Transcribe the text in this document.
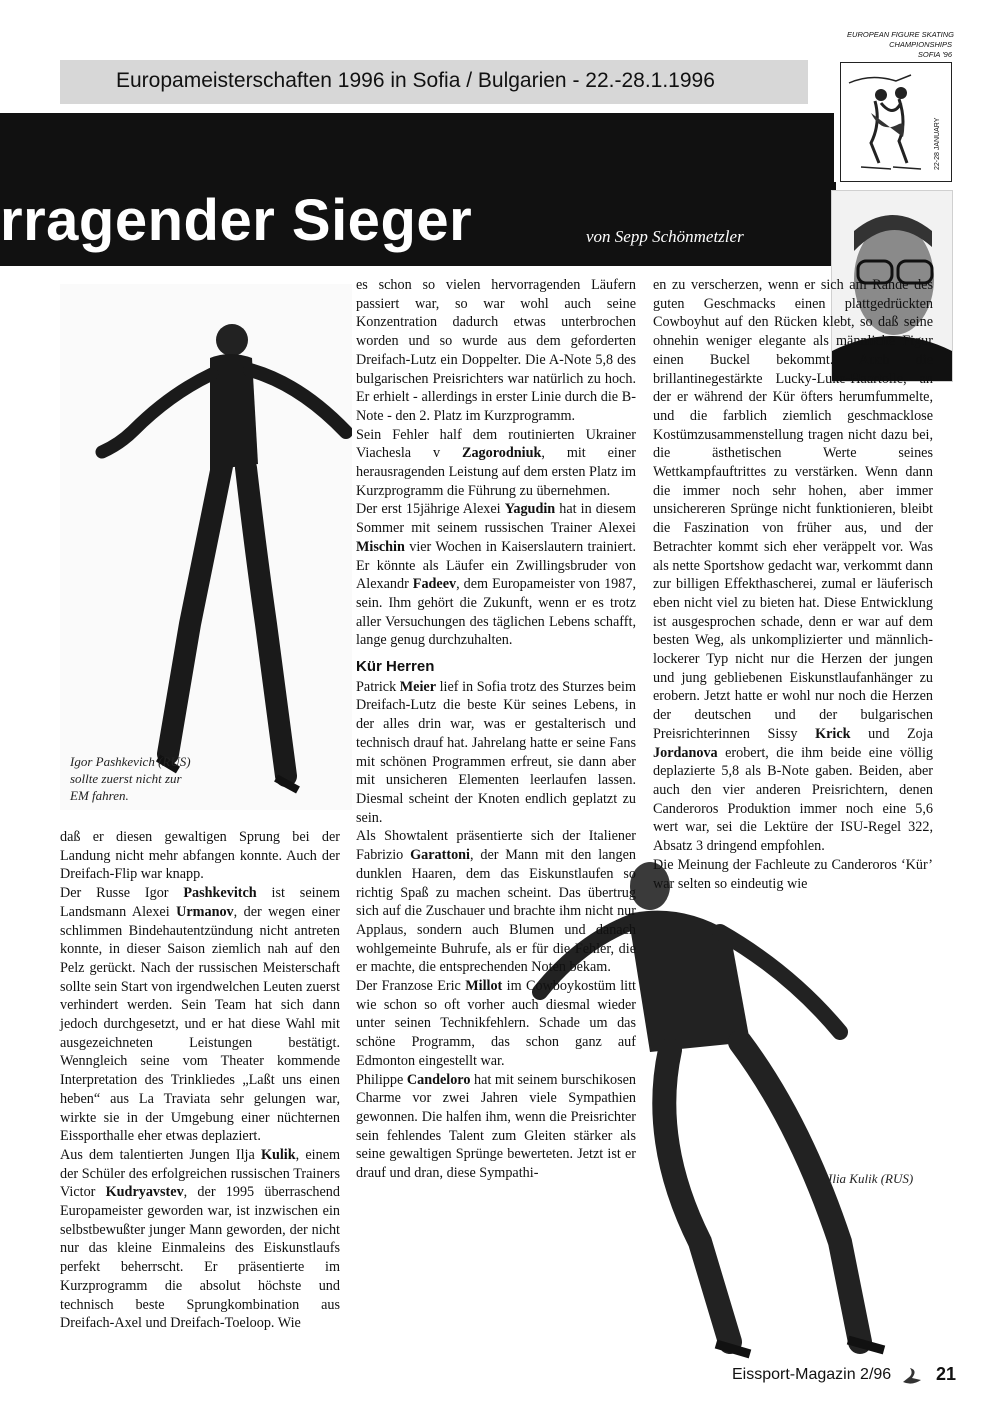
Europameisterschaften 1996 in Sofia / Bulgarien - 22.-28.1.1996
rragender Sieger	von Sepp Schönmetzler
EUROPEAN FIGURE SKATING
CHAMPIONSHIPS
SOFIA '96
22-28 JANUARY
Igor Pashkevich (RUS) sollte zuerst nicht zur EM fahren.

daß er diesen gewaltigen Sprung bei der Landung nicht mehr abfangen konnte. Auch der Dreifach-Flip war knapp.

Der Russe Igor Pashkevitch ist seinem Landsmann Alexei Urmanov, der wegen einer schlimmen Bindehautentzündung nicht antreten konnte, in dieser Saison ziemlich nah auf den Pelz gerückt. Nach der russischen Meisterschaft sollte sein Start von irgendwelchen Leuten zuerst verhindert werden. Sein Team hat sich dann jedoch durchgesetzt, und er hat diese Wahl mit ausgezeichneten Leistungen bestätigt. Wenngleich seine vom Theater kommende Interpretation des Trinkliedes „Laßt uns einen heben“ aus La Traviata sehr gelungen war, wirkte sie in der Umgebung einer nüchternen Eissporthalle eher etwas deplaziert.

Aus dem talentierten Jungen Ilja Kulik, einem der Schüler des erfolgreichen russischen Trainers Victor Kudryavstev, der 1995 überraschend Europameister geworden war, ist inzwischen ein selbstbewußter junger Mann geworden, der nicht nur das kleine Einmaleins des Eiskunstlaufs perfekt beherrscht. Er präsentierte im Kurzprogramm die absolut höchste und technisch beste Sprungkombination aus Dreifach-Axel und Dreifach-Toeloop. Wie

es schon so vielen hervorragenden Läufern passiert war, so war wohl auch seine Konzentration dadurch etwas unterbrochen worden und so wurde aus dem geforderten Dreifach-Lutz ein Doppelter. Die A-Note 5,8 des bulgarischen Preisrichters war natürlich zu hoch. Er erhielt - allerdings in erster Linie durch die B-Note - den 2. Platz im Kurzprogramm.

Sein Fehler half dem routinierten Ukrainer Viachesla v Zagorodniuk, mit einer herausragenden Leistung auf dem ersten Platz im Kurzprogramm die Führung zu übernehmen.

Der erst 15jährige Alexei Yagudin hat in diesem Sommer mit seinem russischen Trainer Alexei Mischin vier Wochen in Kaiserslautern trainiert. Er könnte als Läufer ein Zwillingsbruder von Alexandr Fadeev, dem Europameister von 1987, sein. Ihm gehört die Zukunft, wenn er es trotz aller Versuchungen des täglichen Lebens schafft, lange genug durchzuhalten.

Kür Herren

Patrick Meier lief in Sofia trotz des Sturzes beim Dreifach-Lutz die beste Kür seines Lebens, in der alles drin war, was er gestalterisch und technisch drauf hat. Jahrelang hatte er seine Fans mit schönen Programmen erfreut, sie dann aber mit unsicheren Elementen leerlaufen lassen. Diesmal scheint der Knoten endlich geplatzt zu sein.

Als Showtalent präsentierte sich der Italiener Fabrizio Garattoni, der Mann mit den langen dunklen Haaren, dem das Eiskunstlaufen so richtig Spaß zu machen scheint. Das übertrug sich auf die Zuschauer und brachte ihm nicht nur Applaus, sondern auch Blumen und danach wohlgemeinte Buhrufe, als er für die Fehler, die er machte, die entsprechenden Noten bekam.

Der Franzose Eric Millot im Cowboykostüm litt wie schon so oft vorher auch diesmal wieder unter seinen Technikfehlern. Schade um das schöne Programm, das schon ganz auf Edmonton eingestellt war.

Philippe Candeloro hat mit seinem burschikosen Charme vor zwei Jahren viele Sympathien gewonnen. Die halfen ihm, wenn die Preisrichter sein fehlendes Talent zum Gleiten stärker als seine gewaltigen Sprünge bewerteten. Jetzt ist er drauf und dran, diese Sympathi-

en zu verscherzen, wenn er sich am Rande des guten Geschmacks einen plattgedrückten Cowboyhut auf den Rücken klebt, so daß seine ohnehin weniger elegante als männliche Figur einen Buckel bekommt. Auch die brillantinegestärkte Lucky-Luke-Haartolle, an der er während der Kür öfters herumfummelte, und die farblich ziemlich geschmacklose Kostümzusammenstellung tragen nicht dazu bei, die ästhetischen Werte seines Wettkampfauftrittes zu verstärken. Wenn dann die immer noch sehr hohen, aber immer unsichereren Sprünge nicht funktionieren, bleibt die Faszination von früher aus, und der Betrachter kommt sich eher veräppelt vor. Was als nette Sportshow gedacht war, verkommt dann zur billigen Effekthascherei, zumal er läuferisch eben nicht viel zu bieten hat. Diese Entwicklung ist ausgesprochen schade, denn er war auf dem besten Weg, als unkomplizierter und männlich-lockerer Typ nicht nur die Herzen der jungen und jung gebliebenen Eiskunstlaufanhänger zu erobern. Jetzt hatte er wohl nur noch die Herzen der deutschen und der bulgarischen Preisrichterinnen Sissy Krick und Zoja Jordanova erobert, die ihm beide eine völlig deplazierte 5,8 als B-Note gaben. Beiden, aber auch den vier anderen Preisrichtern, denen Canderoros Produktion immer noch eine 5,6 wert war, sei die Lektüre der ISU-Regel 322, Absatz 3 dringend empfohlen.

Die Meinung der Fachleute zu Canderoros ‘Kür’ war selten so eindeutig wie

Ilia Kulik (RUS)
Eissport-Magazin 2/96 21
